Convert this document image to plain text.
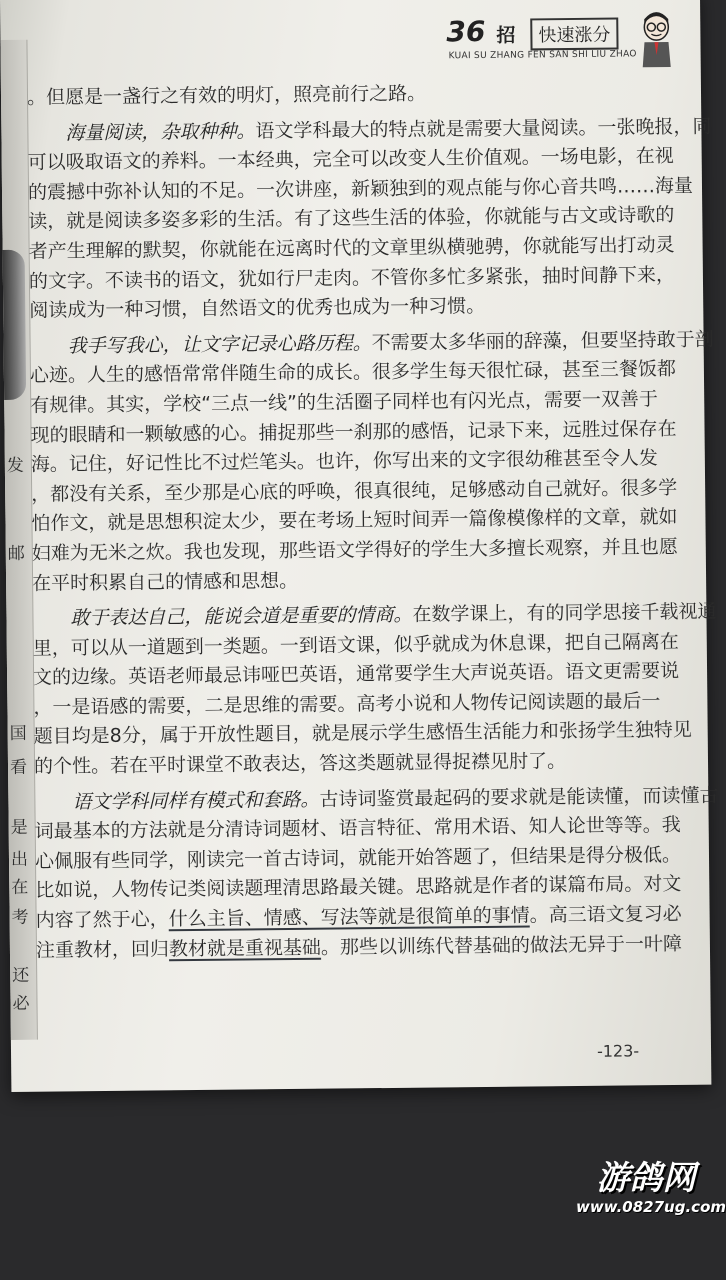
发
邮
国
看
是
出
在
考
还
必
36 招	快速涨分
KUAI SU ZHANG FEN SAN SHI LIU ZHAO
。但愿是一盏行之有效的明灯，照亮前行之路。
　　海量阅读，杂取种种。语文学科最大的特点就是需要大量阅读。一张晚报，同
可以吸取语文的养料。一本经典，完全可以改变人生价值观。一场电影，在视
的震撼中弥补认知的不足。一次讲座，新颖独到的观点能与你心音共鸣……海量
读，就是阅读多姿多彩的生活。有了这些生活的体验，你就能与古文或诗歌的
者产生理解的默契，你就能在远离时代的文章里纵横驰骋，你就能写出打动灵
的文字。不读书的语文，犹如行尸走肉。不管你多忙多紧张，抽时间静下来，
阅读成为一种习惯，自然语文的优秀也成为一种习惯。
　　我手写我心，让文字记录心路历程。不需要太多华丽的辞藻，但要坚持敢于剖
心迹。人生的感悟常常伴随生命的成长。很多学生每天很忙碌，甚至三餐饭都
有规律。其实，学校“三点一线”的生活圈子同样也有闪光点，需要一双善于
现的眼睛和一颗敏感的心。捕捉那些一刹那的感悟，记录下来，远胜过保存在
海。记住，好记性比不过烂笔头。也许，你写出来的文字很幼稚甚至令人发
，都没有关系，至少那是心底的呼唤，很真很纯，足够感动自己就好。很多学
怕作文，就是思想积淀太少，要在考场上短时间弄一篇像模像样的文章，就如
妇难为无米之炊。我也发现，那些语文学得好的学生大多擅长观察，并且也愿
在平时积累自己的情感和思想。
　　敢于表达自己，能说会道是重要的情商。在数学课上，有的同学思接千载视通
里，可以从一道题到一类题。一到语文课，似乎就成为休息课，把自己隔离在
文的边缘。英语老师最忌讳哑巴英语，通常要学生大声说英语。语文更需要说
，一是语感的需要，二是思维的需要。高考小说和人物传记阅读题的最后一
题目均是8分，属于开放性题目，就是展示学生感悟生活能力和张扬学生独特见
的个性。若在平时课堂不敢表达，答这类题就显得捉襟见肘了。
　　语文学科同样有模式和套路。古诗词鉴赏最起码的要求就是能读懂，而读懂古
词最基本的方法就是分清诗词题材、语言特征、常用术语、知人论世等等。我
心佩服有些同学，刚读完一首古诗词，就能开始答题了，但结果是得分极低。
比如说，人物传记类阅读题理清思路最关键。思路就是作者的谋篇布局。对文
内容了然于心，什么主旨、情感、写法等就是很简单的事情。高三语文复习必
注重教材，回归教材就是重视基础。那些以训练代替基础的做法无异于一叶障
-123-
游鸽网
www.0827ug.com
